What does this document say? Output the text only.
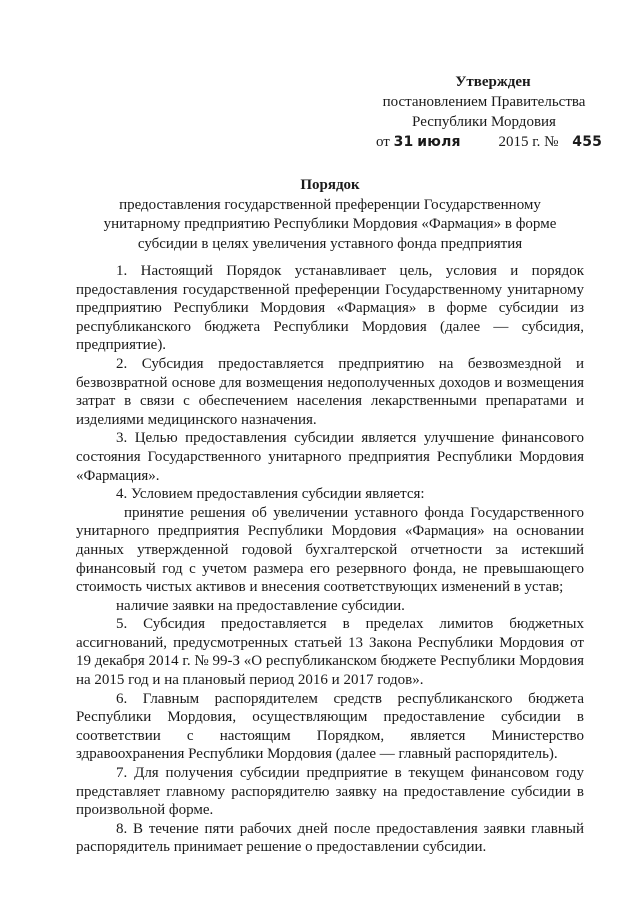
Утвержден
постановлением Правительства
Республики Мордовия
от 31 июля	2015 г. № 455
Порядок
предоставления государственной преференции Государственному
унитарному предприятию Республики Мордовия «Фармация» в форме
субсидии в целях увеличения уставного фонда предприятия

1. Настоящий Порядок устанавливает цель, условия и порядок предоставления государственной преференции Государственному унитарному предприятию Республики Мордовия «Фармация» в форме субсидии из республиканского бюджета Республики Мордовия (далее — субсидия, предприятие).

2. Субсидия предоставляется предприятию на безвозмездной и безвозвратной основе для возмещения недополученных доходов и возмещения затрат в связи с обеспечением населения лекарственными препаратами и изделиями медицинского назначения.

3. Целью предоставления субсидии является улучшение финансового состояния Государственного унитарного предприятия Республики Мордовия «Фармация».

4. Условием предоставления субсидии является:

принятие решения об увеличении уставного фонда Государственного унитарного предприятия Республики Мордовия «Фармация» на основании данных утвержденной годовой бухгалтерской отчетности за истекший финансовый год с учетом размера его резервного фонда, не превышающего стоимость чистых активов и внесения соответствующих изменений в устав;

наличие заявки на предоставление субсидии.

5. Субсидия предоставляется в пределах лимитов бюджетных ассигнований, предусмотренных статьей 13 Закона Республики Мордовия от 19 декабря 2014 г. № 99-З «О республиканском бюджете Республики Мордовия на 2015 год и на плановый период 2016 и 2017 годов».

6. Главным распорядителем средств республиканского бюджета Республики Мордовия, осуществляющим предоставление субсидии в соответствии с настоящим Порядком, является Министерство здравоохранения Республики Мордовия (далее — главный распорядитель).

7. Для получения субсидии предприятие в текущем финансовом году представляет главному распорядителю заявку на предоставление субсидии в произвольной форме.

8. В течение пяти рабочих дней после предоставления заявки главный распорядитель принимает решение о предоставлении субсидии.
